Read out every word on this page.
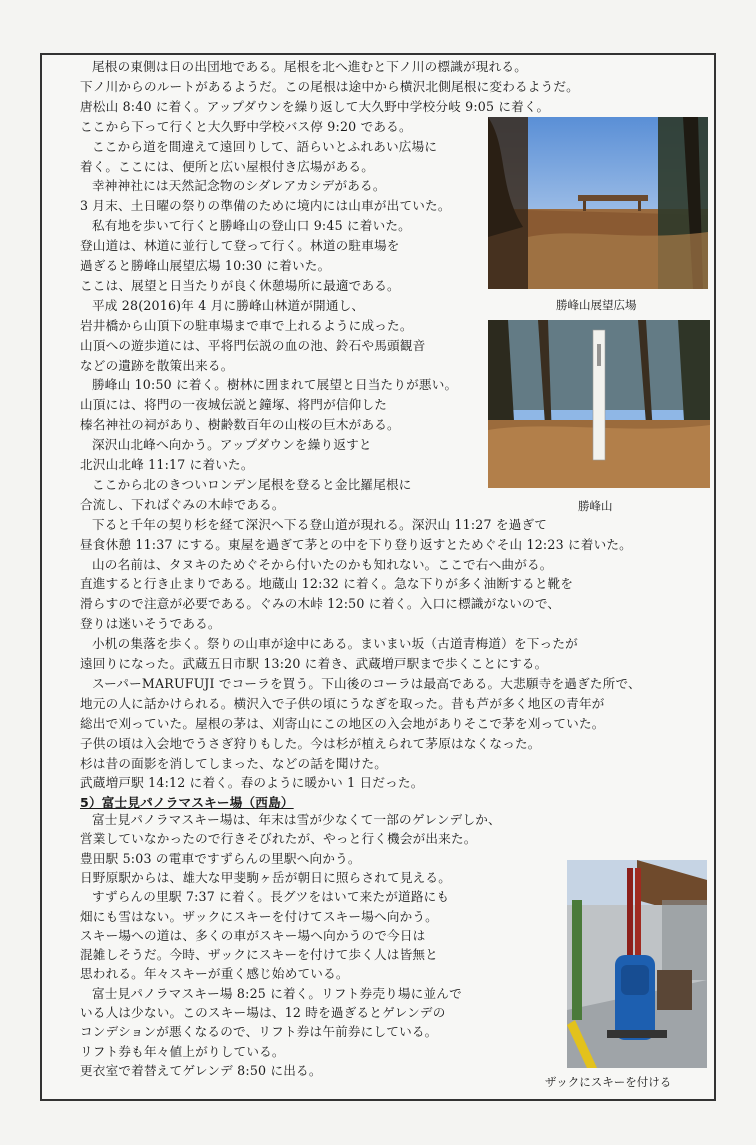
尾根の東側は日の出団地である。尾根を北へ進むと下ノ川の標識が現れる。
下ノ川からのルートがあるようだ。この尾根は途中から横沢北側尾根に変わるようだ。
唐松山 8:40 に着く。アップダウンを繰り返して大久野中学校分岐 9:05 に着く。
ここから下って行くと大久野中学校バス停 9:20 である。
ここから道を間違えて遠回りして、語らいとふれあい広場に
着く。ここには、便所と広い屋根付き広場がある。
幸神神社には天然記念物のシダレアカシデがある。
3 月末、土日曜の祭りの準備のために境内には山車が出ていた。
私有地を歩いて行くと勝峰山の登山口 9:45 に着いた。
登山道は、林道に並行して登って行く。林道の駐車場を
過ぎると勝峰山展望広場 10:30 に着いた。
ここは、展望と日当たりが良く休憩場所に最適である。
平成 28(2016)年 4 月に勝峰山林道が開通し、
岩井橋から山頂下の駐車場まで車で上れるように成った。
山頂への遊歩道には、平将門伝説の血の池、鈴石や馬頭観音
などの遺跡を散策出来る。
勝峰山 10:50 に着く。樹林に囲まれて展望と日当たりが悪い。
山頂には、将門の一夜城伝説と鐘塚、将門が信仰した
榛名神社の祠があり、樹齢数百年の山桜の巨木がある。
深沢山北峰へ向かう。アップダウンを繰り返すと
北沢山北峰 11:17 に着いた。
ここから北のきついロンデン尾根を登ると金比羅尾根に
合流し、下ればぐみの木峠である。
下ると千年の契り杉を経て深沢へ下る登山道が現れる。深沢山 11:27 を過ぎて
昼食休憩 11:37 にする。東屋を過ぎて茅との中を下り登り返すとためぐそ山 12:23 に着いた。
山の名前は、タヌキのためぐそから付いたのかも知れない。ここで右へ曲がる。
直進すると行き止まりである。地蔵山 12:32 に着く。急な下りが多く油断すると靴を
滑らすので注意が必要である。ぐみの木峠 12:50 に着く。入口に標識がないので、
登りは迷いそうである。
小机の集落を歩く。祭りの山車が途中にある。まいまい坂（古道青梅道）を下ったが
遠回りになった。武蔵五日市駅 13:20 に着き、武蔵増戸駅まで歩くことにする。
スーパーMARUFUJI でコーラを買う。下山後のコーラは最高である。大悲願寺を過ぎた所で、
地元の人に話かけられる。横沢入で子供の頃にうなぎを取った。昔も芦が多く地区の青年が
総出で刈っていた。屋根の茅は、刈寄山にこの地区の入会地がありそこで茅を刈っていた。
子供の頃は入会地でうさぎ狩りもした。今は杉が植えられて茅原はなくなった。
杉は昔の面影を消してしまった、などの話を聞けた。
武蔵増戸駅 14:12 に着く。春のように暖かい 1 日だった。
5）富士見パノラマスキー場（西島）
富士見パノラマスキー場は、年末は雪が少なくて一部のゲレンデしか、
営業していなかったので行きそびれたが、やっと行く機会が出来た。
豊田駅 5:03 の電車ですずらんの里駅へ向かう。
日野原駅からは、雄大な甲斐駒ヶ岳が朝日に照らされて見える。
すずらんの里駅 7:37 に着く。長グツをはいて来たが道路にも
畑にも雪はない。ザックにスキーを付けてスキー場へ向かう。
スキー場への道は、多くの車がスキー場へ向かうので今日は
混雑しそうだ。今時、ザックにスキーを付けて歩く人は皆無と
思われる。年々スキーが重く感じ始めている。
富士見パノラマスキー場 8:25 に着く。リフト券売り場に並んで
いる人は少ない。このスキー場は、12 時を過ぎるとゲレンデの
コンデションが悪くなるので、リフト券は午前券にしている。
リフト券も年々値上がりしている。
更衣室で着替えてゲレンデ 8:50 に出る。
勝峰山展望広場
勝峰山
ザックにスキーを付ける
